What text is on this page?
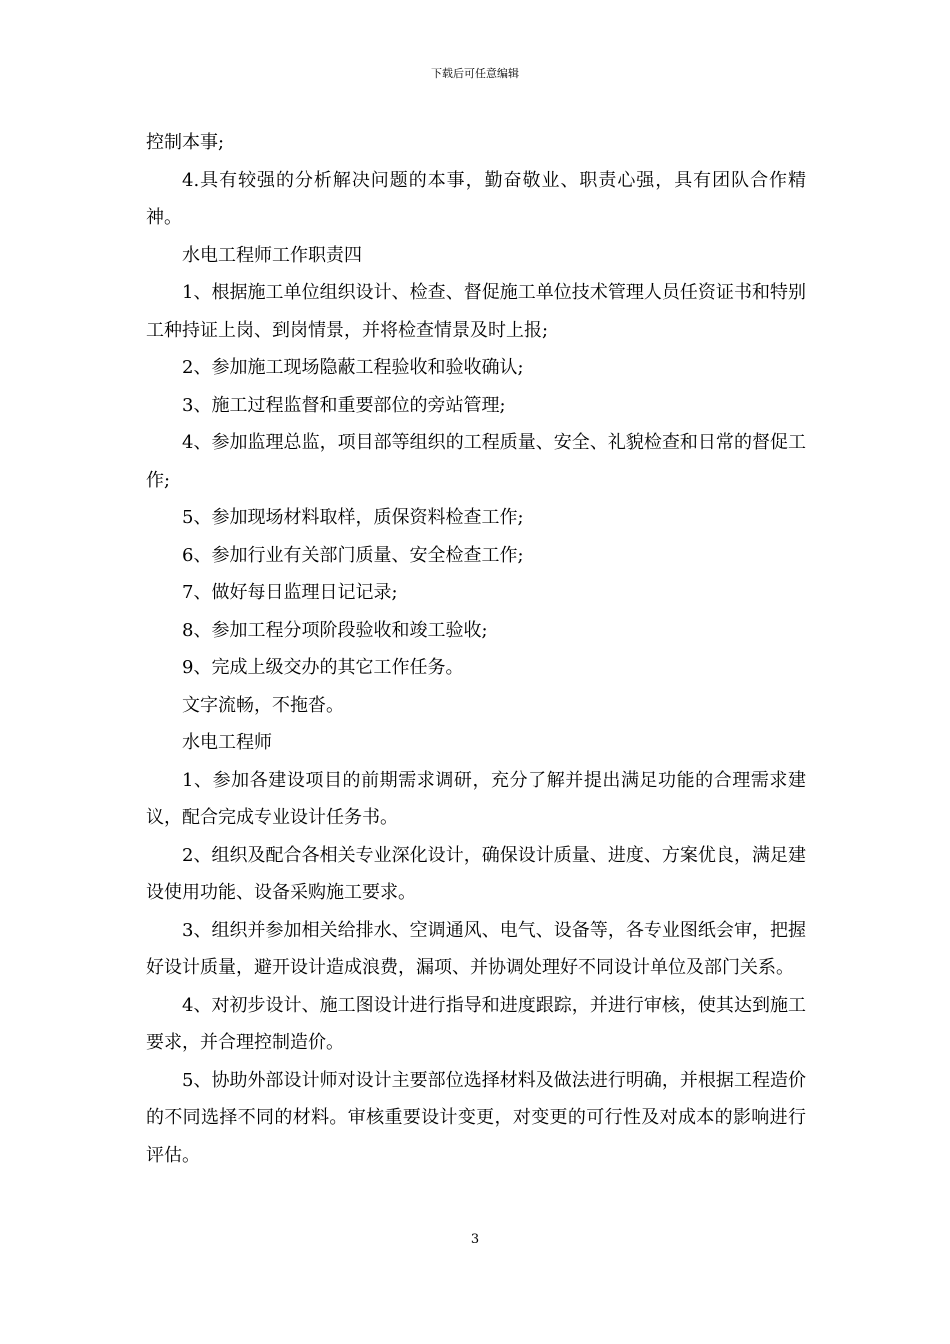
下载后可任意编辑

控制本事;

4.具有较强的分析解决问题的本事，勤奋敬业、职责心强，具有团队合作精神。

水电工程师工作职责四

1、根据施工单位组织设计、检查、督促施工单位技术管理人员任资证书和特别工种持证上岗、到岗情景，并将检查情景及时上报;

2、参加施工现场隐蔽工程验收和验收确认;

3、施工过程监督和重要部位的旁站管理;

4、参加监理总监，项目部等组织的工程质量、安全、礼貌检查和日常的督促工作;

5、参加现场材料取样，质保资料检查工作;

6、参加行业有关部门质量、安全检查工作;

7、做好每日监理日记记录;

8、参加工程分项阶段验收和竣工验收;

9、完成上级交办的其它工作任务。

文字流畅，不拖沓。

水电工程师

1、参加各建设项目的前期需求调研，充分了解并提出满足功能的合理需求建议，配合完成专业设计任务书。

2、组织及配合各相关专业深化设计，确保设计质量、进度、方案优良，满足建设使用功能、设备采购施工要求。

3、组织并参加相关给排水、空调通风、电气、设备等，各专业图纸会审，把握好设计质量，避开设计造成浪费，漏项、并协调处理好不同设计单位及部门关系。

4、对初步设计、施工图设计进行指导和进度跟踪，并进行审核，使其达到施工要求，并合理控制造价。

5、协助外部设计师对设计主要部位选择材料及做法进行明确，并根据工程造价的不同选择不同的材料。审核重要设计变更，对变更的可行性及对成本的影响进行评估。

3
